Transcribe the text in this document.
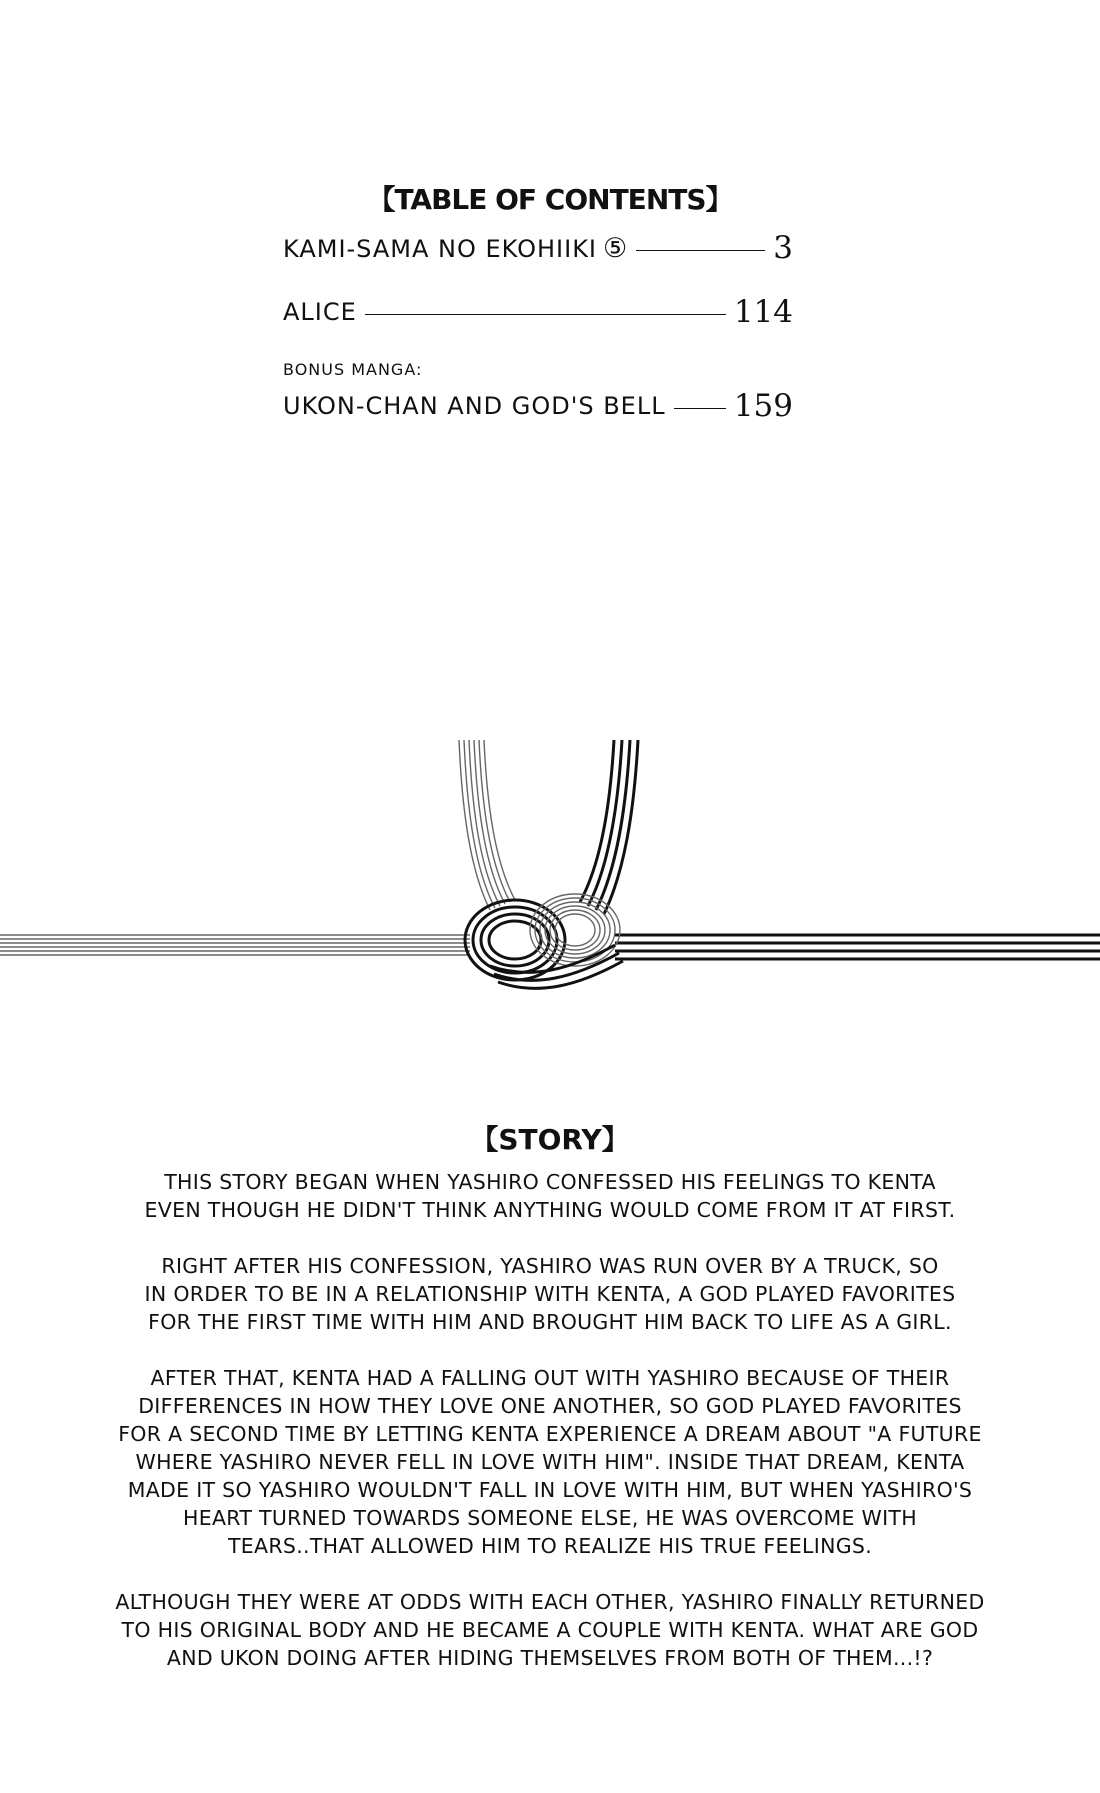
【TABLE OF CONTENTS】
KAMI-SAMA NO EKOHIIKI ⑤	3
ALICE	114
BONUS MANGA:
UKON-CHAN AND GOD'S BELL 159
【STORY】

THIS STORY BEGAN WHEN YASHIRO CONFESSED HIS FEELINGS TO KENTA
EVEN THOUGH HE DIDN'T THINK ANYTHING WOULD COME FROM IT AT FIRST.

RIGHT AFTER HIS CONFESSION, YASHIRO WAS RUN OVER BY A TRUCK, SO
IN ORDER TO BE IN A RELATIONSHIP WITH KENTA, A GOD PLAYED FAVORITES
FOR THE FIRST TIME WITH HIM AND BROUGHT HIM BACK TO LIFE AS A GIRL.

AFTER THAT, KENTA HAD A FALLING OUT WITH YASHIRO BECAUSE OF THEIR
DIFFERENCES IN HOW THEY LOVE ONE ANOTHER, SO GOD PLAYED FAVORITES
FOR A SECOND TIME BY LETTING KENTA EXPERIENCE A DREAM ABOUT "A FUTURE
WHERE YASHIRO NEVER FELL IN LOVE WITH HIM". INSIDE THAT DREAM, KENTA
MADE IT SO YASHIRO WOULDN'T FALL IN LOVE WITH HIM, BUT WHEN YASHIRO'S
HEART TURNED TOWARDS SOMEONE ELSE, HE WAS OVERCOME WITH
TEARS..THAT ALLOWED HIM TO REALIZE HIS TRUE FEELINGS.

ALTHOUGH THEY WERE AT ODDS WITH EACH OTHER, YASHIRO FINALLY RETURNED
TO HIS ORIGINAL BODY AND HE BECAME A COUPLE WITH KENTA. WHAT ARE GOD
AND UKON DOING AFTER HIDING THEMSELVES FROM BOTH OF THEM...!?
